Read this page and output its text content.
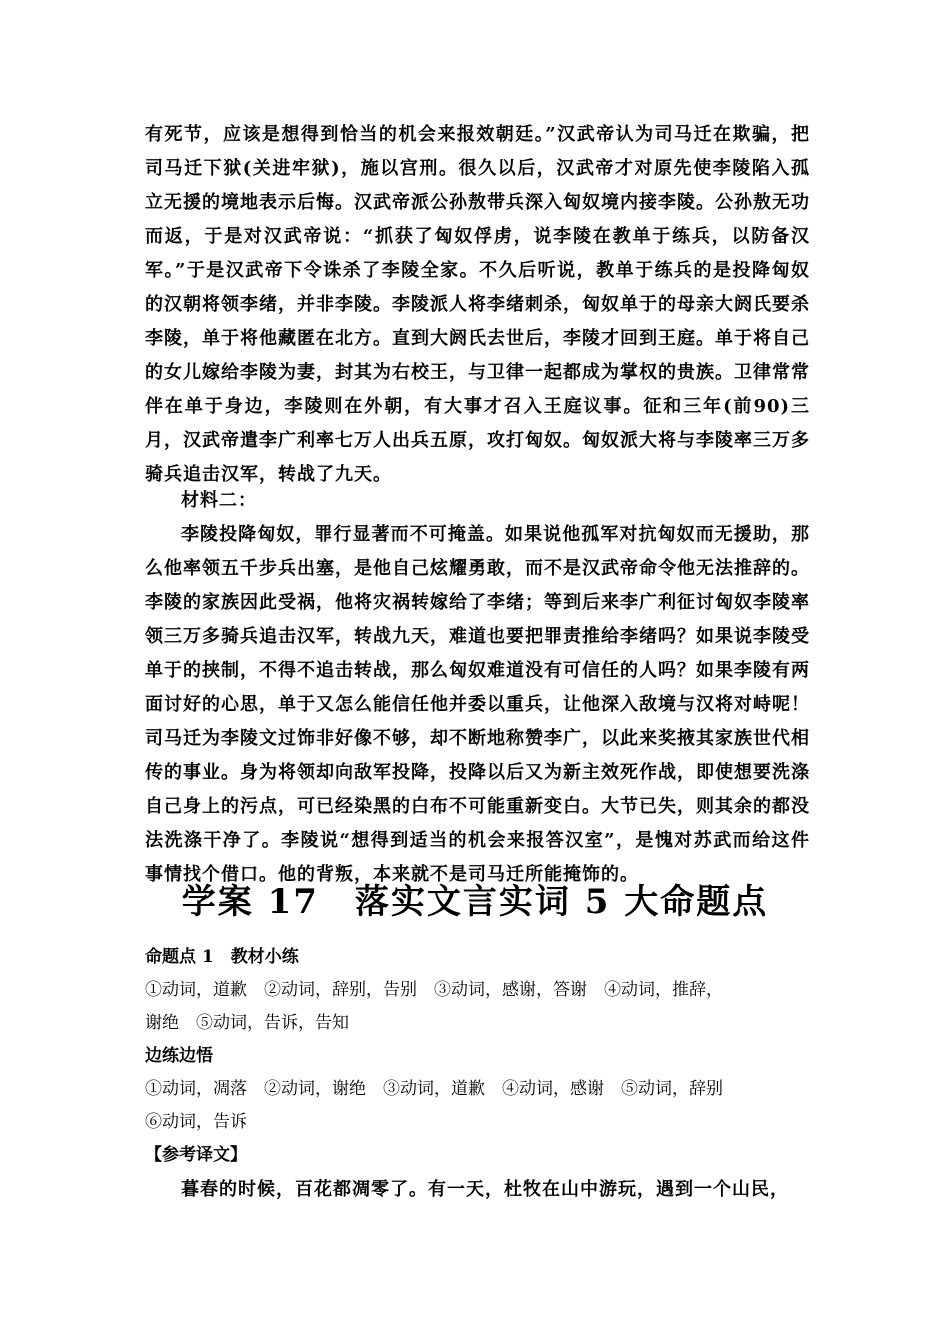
有死节，应该是想得到恰当的机会来报效朝廷。”汉武帝认为司马迁在欺骗，把司马迁下狱(关进牢狱)，施以宫刑。很久以后，汉武帝才对原先使李陵陷入孤立无援的境地表示后悔。汉武帝派公孙敖带兵深入匈奴境内接李陵。公孙敖无功而返，于是对汉武帝说：“抓获了匈奴俘虏，说李陵在教单于练兵，以防备汉军。”于是汉武帝下令诛杀了李陵全家。不久后听说，教单于练兵的是投降匈奴的汉朝将领李绪，并非李陵。李陵派人将李绪刺杀，匈奴单于的母亲大阏氏要杀李陵，单于将他藏匿在北方。直到大阏氏去世后，李陵才回到王庭。单于将自己的女儿嫁给李陵为妻，封其为右校王，与卫律一起都成为掌权的贵族。卫律常常伴在单于身边，李陵则在外朝，有大事才召入王庭议事。征和三年(前90)三月，汉武帝遣李广利率七万人出兵五原，攻打匈奴。匈奴派大将与李陵率三万多骑兵追击汉军，转战了九天。
材料二：
李陵投降匈奴，罪行显著而不可掩盖。如果说他孤军对抗匈奴而无援助，那么他率领五千步兵出塞，是他自己炫耀勇敢，而不是汉武帝命令他无法推辞的。李陵的家族因此受祸，他将灾祸转嫁给了李绪；等到后来李广利征讨匈奴李陵率领三万多骑兵追击汉军，转战九天，难道也要把罪责推给李绪吗？如果说李陵受单于的挟制，不得不追击转战，那么匈奴难道没有可信任的人吗？如果李陵有两面讨好的心思，单于又怎么能信任他并委以重兵，让他深入敌境与汉将对峙呢！司马迁为李陵文过饰非好像不够，却不断地称赞李广，以此来奖掖其家族世代相传的事业。身为将领却向敌军投降，投降以后又为新主效死作战，即使想要洗涤自己身上的污点，可已经染黑的白布不可能重新变白。大节已失，则其余的都没法洗涤干净了。李陵说“想得到适当的机会来报答汉室”，是愧对苏武而给这件事情找个借口。他的背叛，本来就不是司马迁所能掩饰的。
学案 17　落实文言实词 5 大命题点
命题点 1　教材小练
①动词，道歉　②动词，辞别，告别　③动词，感谢，答谢　④动词，推辞，
谢绝　⑤动词，告诉，告知
边练边悟
①动词，凋落　②动词，谢绝　③动词，道歉　④动词，感谢　⑤动词，辞别
⑥动词，告诉
【参考译文】
暮春的时候，百花都凋零了。有一天，杜牧在山中游玩，遇到一个山民，
